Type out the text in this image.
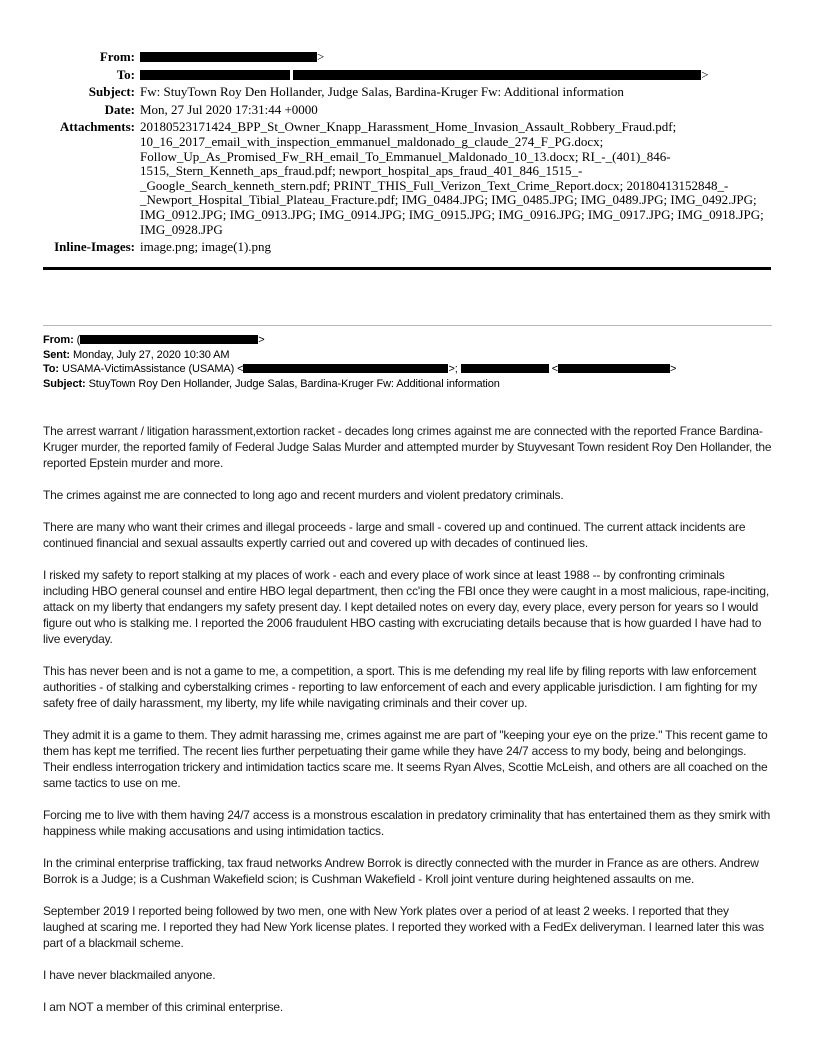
From:	>
To:	>
Subject: Fw: StuyTown Roy Den Hollander, Judge Salas, Bardina-Kruger Fw: Additional information
Date: Mon, 27 Jul 2020 17:31:44 +0000
Attachments: 20180523171424_BPP_St_Owner_Knapp_Harassment_Home_Invasion_Assault_Robbery_Fraud.pdf; 10_16_2017_email_with_inspection_emmanuel_maldonado_g_claude_274_F_PG.docx; Follow_Up_As_Promised_Fw_RH_email_To_Emmanuel_Maldonado_10_13.docx; RI_-_(401)_846-1515,_Stern_Kenneth_aps_fraud.pdf; newport_hospital_aps_fraud_401_846_1515_-_Google_Search_kenneth_stern.pdf; PRINT_THIS_Full_Verizon_Text_Crime_Report.docx; 20180413152848_-_Newport_Hospital_Tibial_Plateau_Fracture.pdf; IMG_0484.JPG; IMG_0485.JPG; IMG_0489.JPG; IMG_0492.JPG; IMG_0912.JPG; IMG_0913.JPG; IMG_0914.JPG; IMG_0915.JPG; IMG_0916.JPG; IMG_0917.JPG; IMG_0918.JPG; IMG_0928.JPG
Inline-Images: image.png; image(1).png
From: (	>
Sent: Monday, July 27, 2020 10:30 AM
To: USAMA-VictimAssistance (USAMA) <	>;	<	>
Subject: StuyTown Roy Den Hollander, Judge Salas, Bardina-Kruger Fw: Additional information

The arrest warrant / litigation harassment,extortion racket - decades long crimes against me are connected with the reported France Bardina-Kruger murder, the reported family of Federal Judge Salas Murder and attempted murder by Stuyvesant Town resident Roy Den Hollander, the reported Epstein murder and more.

The crimes against me are connected to long ago and recent murders and violent predatory criminals.

There are many who want their crimes and illegal proceeds - large and small - covered up and continued. The current attack incidents are continued financial and sexual assaults expertly carried out and covered up with decades of continued lies.

I risked my safety to report stalking at my places of work - each and every place of work since at least 1988 -- by confronting criminals including HBO general counsel and entire HBO legal department, then cc'ing the FBI once they were caught in a most malicious, rape-inciting, attack on my liberty that endangers my safety present day. I kept detailed notes on every day, every place, every person for years so I would figure out who is stalking me. I reported the 2006 fraudulent HBO casting with excruciating details because that is how guarded I have had to live everyday.

This has never been and is not a game to me, a competition, a sport. This is me defending my real life by filing reports with law enforcement authorities - of stalking and cyberstalking crimes - reporting to law enforcement of each and every applicable jurisdiction. I am fighting for my safety free of daily harassment, my liberty, my life while navigating criminals and their cover up.

They admit it is a game to them. They admit harassing me, crimes against me are part of "keeping your eye on the prize." This recent game to them has kept me terrified. The recent lies further perpetuating their game while they have 24/7 access to my body, being and belongings. Their endless interrogation trickery and intimidation tactics scare me. It seems Ryan Alves, Scottie McLeish, and others are all coached on the same tactics to use on me.

Forcing me to live with them having 24/7 access is a monstrous escalation in predatory criminality that has entertained them as they smirk with happiness while making accusations and using intimidation tactics.

In the criminal enterprise trafficking, tax fraud networks Andrew Borrok is directly connected with the murder in France as are others. Andrew Borrok is a Judge; is a Cushman Wakefield scion; is Cushman Wakefield - Kroll joint venture during heightened assaults on me.

September 2019 I reported being followed by two men, one with New York plates over a period of at least 2 weeks. I reported that they laughed at scaring me. I reported they had New York license plates. I reported they worked with a FedEx deliveryman. I learned later this was part of a blackmail scheme.

I have never blackmailed anyone.

I am NOT a member of this criminal enterprise.
